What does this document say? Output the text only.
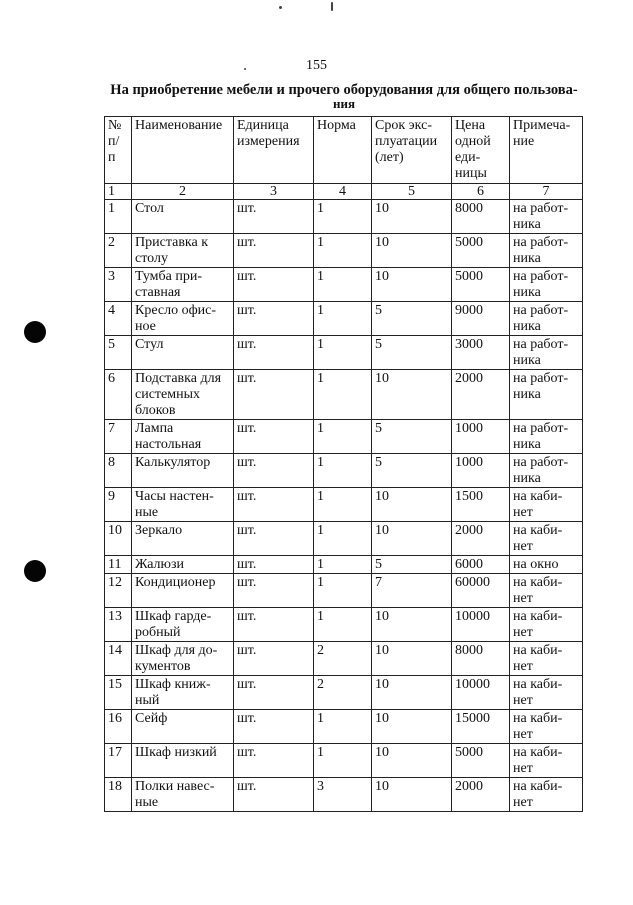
155
На приобретение мебели и прочего оборудования для общего пользова-
ния
№ п/ п	Наименование	Единица измерения	Норма	Срок экс-плуатации (лет)	Цена одной еди-ницы	Примеча-ние
1	2	3	4	5	6	7
1	Стол	шт.	1	10	8000	на работ-ника
2	Приставка к столу	шт.	1	10	5000	на работ-ника
3	Тумба при-ставная	шт.	1	10	5000	на работ-ника
4	Кресло офис-ное	шт.	1	5	9000	на работ-ника
5	Стул	шт.	1	5	3000	на работ-ника
6	Подставка для системных блоков	шт.	1	10	2000	на работ-ника
7	Лампа настольная	шт.	1	5	1000	на работ-ника
8	Калькулятор	шт.	1	5	1000	на работ-ника
9	Часы настен-ные	шт.	1	10	1500	на каби-нет
10	Зеркало	шт.	1	10	2000	на каби-нет
11	Жалюзи	шт.	1	5	6000	на окно
12	Кондиционер	шт.	1	7	60000	на каби-нет
13	Шкаф гарде-робный	шт.	1	10	10000	на каби-нет
14	Шкаф для до-кументов	шт.	2	10	8000	на каби-нет
15	Шкаф книж-ный	шт.	2	10	10000	на каби-нет
16	Сейф	шт.	1	10	15000	на каби-нет
17	Шкаф низкий	шт.	1	10	5000	на каби-нет
18	Полки навес-ные	шт.	3	10	2000	на каби-нет
